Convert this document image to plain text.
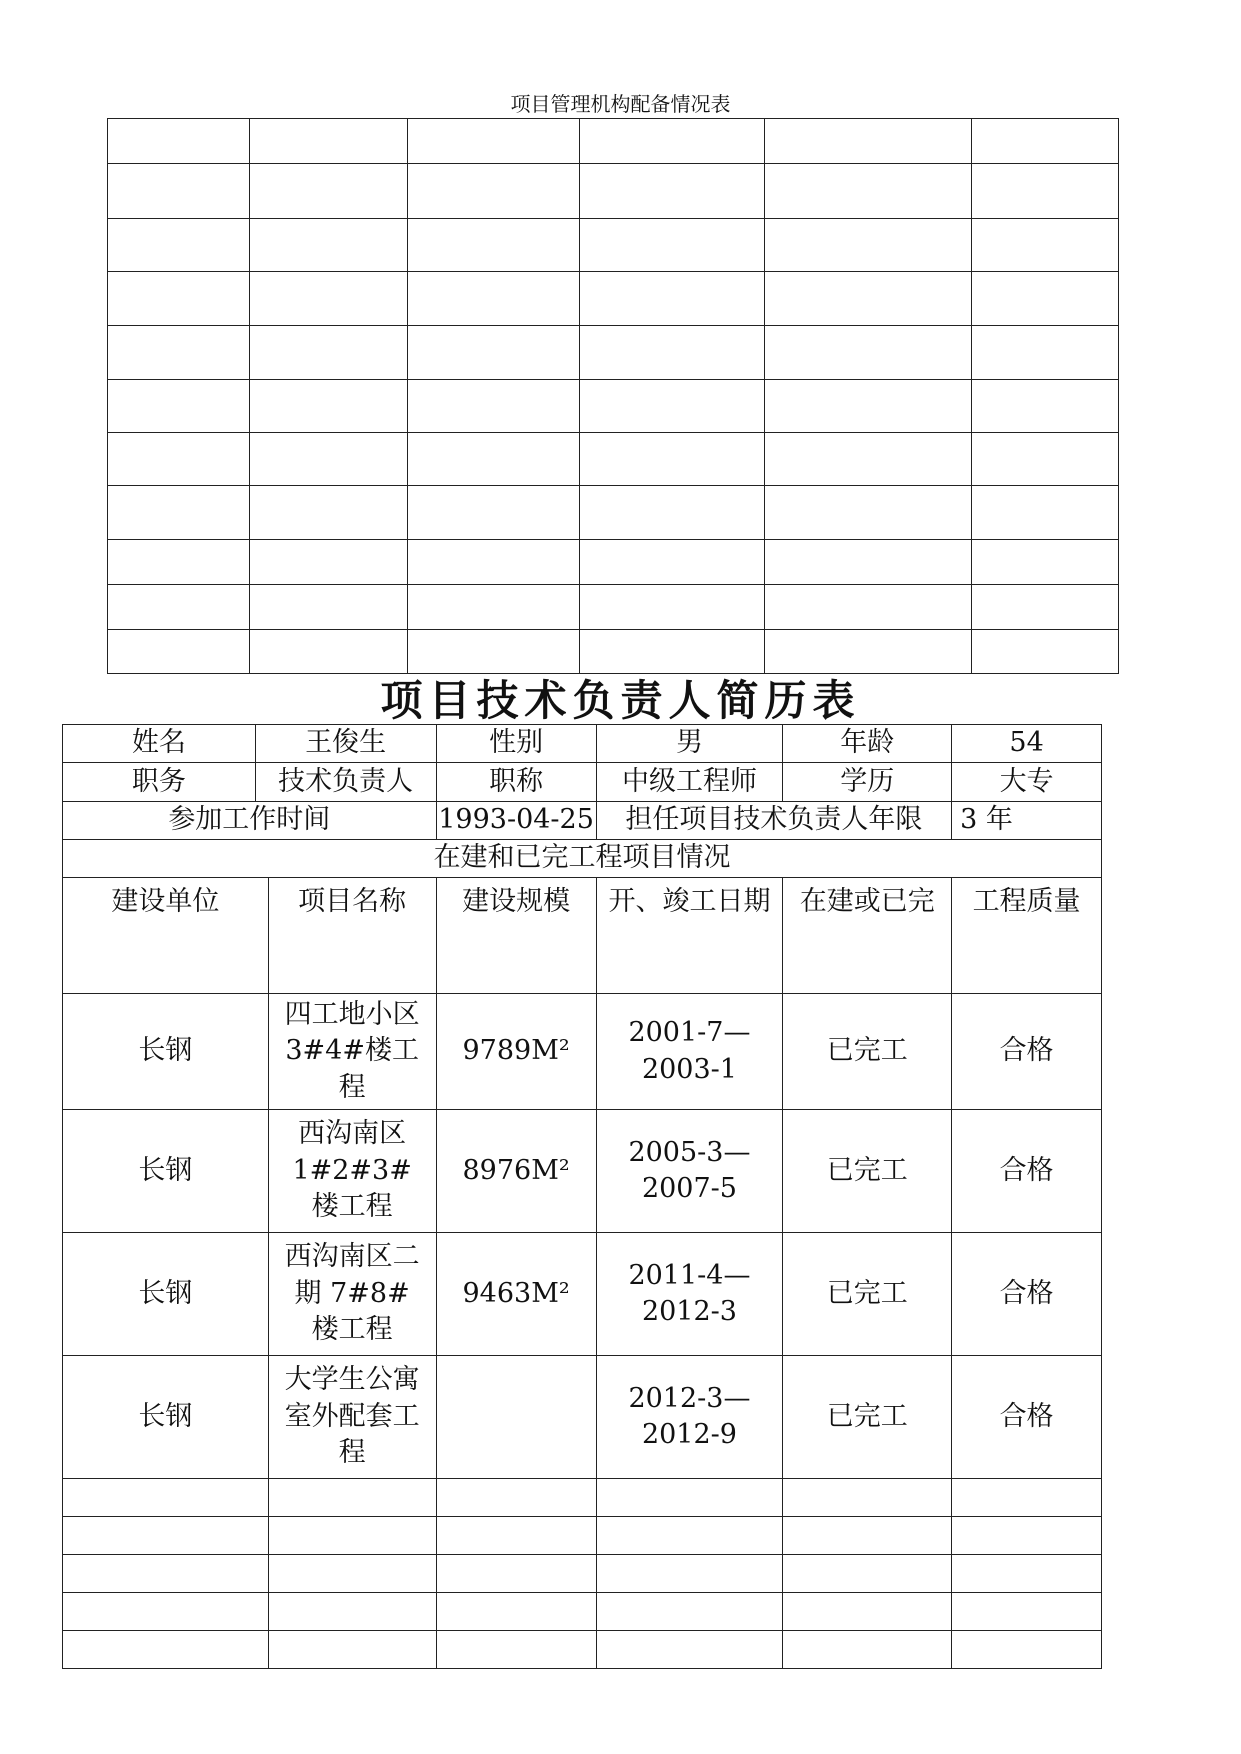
项目管理机构配备情况表

项目技术负责人简历表
姓名	王俊生		性别	男	年龄	54
职务	技术负责人		职称	中级工程师	学历	大专
参加工作时间			1993-04-25	担任项目技术负责人年限		3 年
在建和已完工程项目情况						
建设单位		项目名称	建设规模	开、竣工日期	在建或已完	工程质量
长钢		四工地小区 3#4#楼工程	9789M²	2001-7—2003-1	已完工	合格
长钢		西沟南区1#2#3#楼工程	8976M²	2005-3—2007-5	已完工	合格
长钢		西沟南区二期 7#8#楼工程	9463M²	2011-4—2012-3	已完工	合格
长钢		大学生公寓室外配套工程		2012-3—2012-9	已完工	合格
